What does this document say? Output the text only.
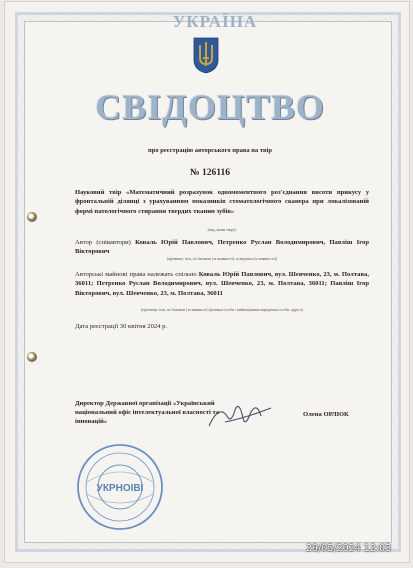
УКРАЇНА
СВІДОЦТВО
про реєстрацію авторського права на твір
№ 126116
Науковий твір «Математичний розрахунок одномоментного роз'єднання висоти прикусу у фронтальній ділянці з урахуванням показників стоматологічного сканера при локалізованій формі патологічного стирання твердих тканин зубів»
(вид, назва твору)
Автор (співавтори) Коваль Юрій Павлович, Петренко Руслан Володимирович, Павліш Ігор Вікторович
(прізвище, ім'я, по батькові (за наявності), псевдонім (за наявності))
Авторські майнові права належать спільно Коваль Юрій Павлович, вул. Шевченко, 23, м. Полтава, 36011; Петренко Руслан Володимирович, вул. Шевченко, 23, м. Полтава, 36011; Павліш Ігор Вікторович, вул. Шевченко, 23, м. Полтава, 36011
(прізвище, ім'я, по батькові (за наявності) фізичної особи / найменування юридичної особи, адреса)
Дата реєстрації 30 квітня 2024 р.
Директор Державної організації «Український національний офіс інтелектуальної власності та інновацій»
Олена ОРЛЮК
УКРНОІВІ
29/05/2024 12:03
